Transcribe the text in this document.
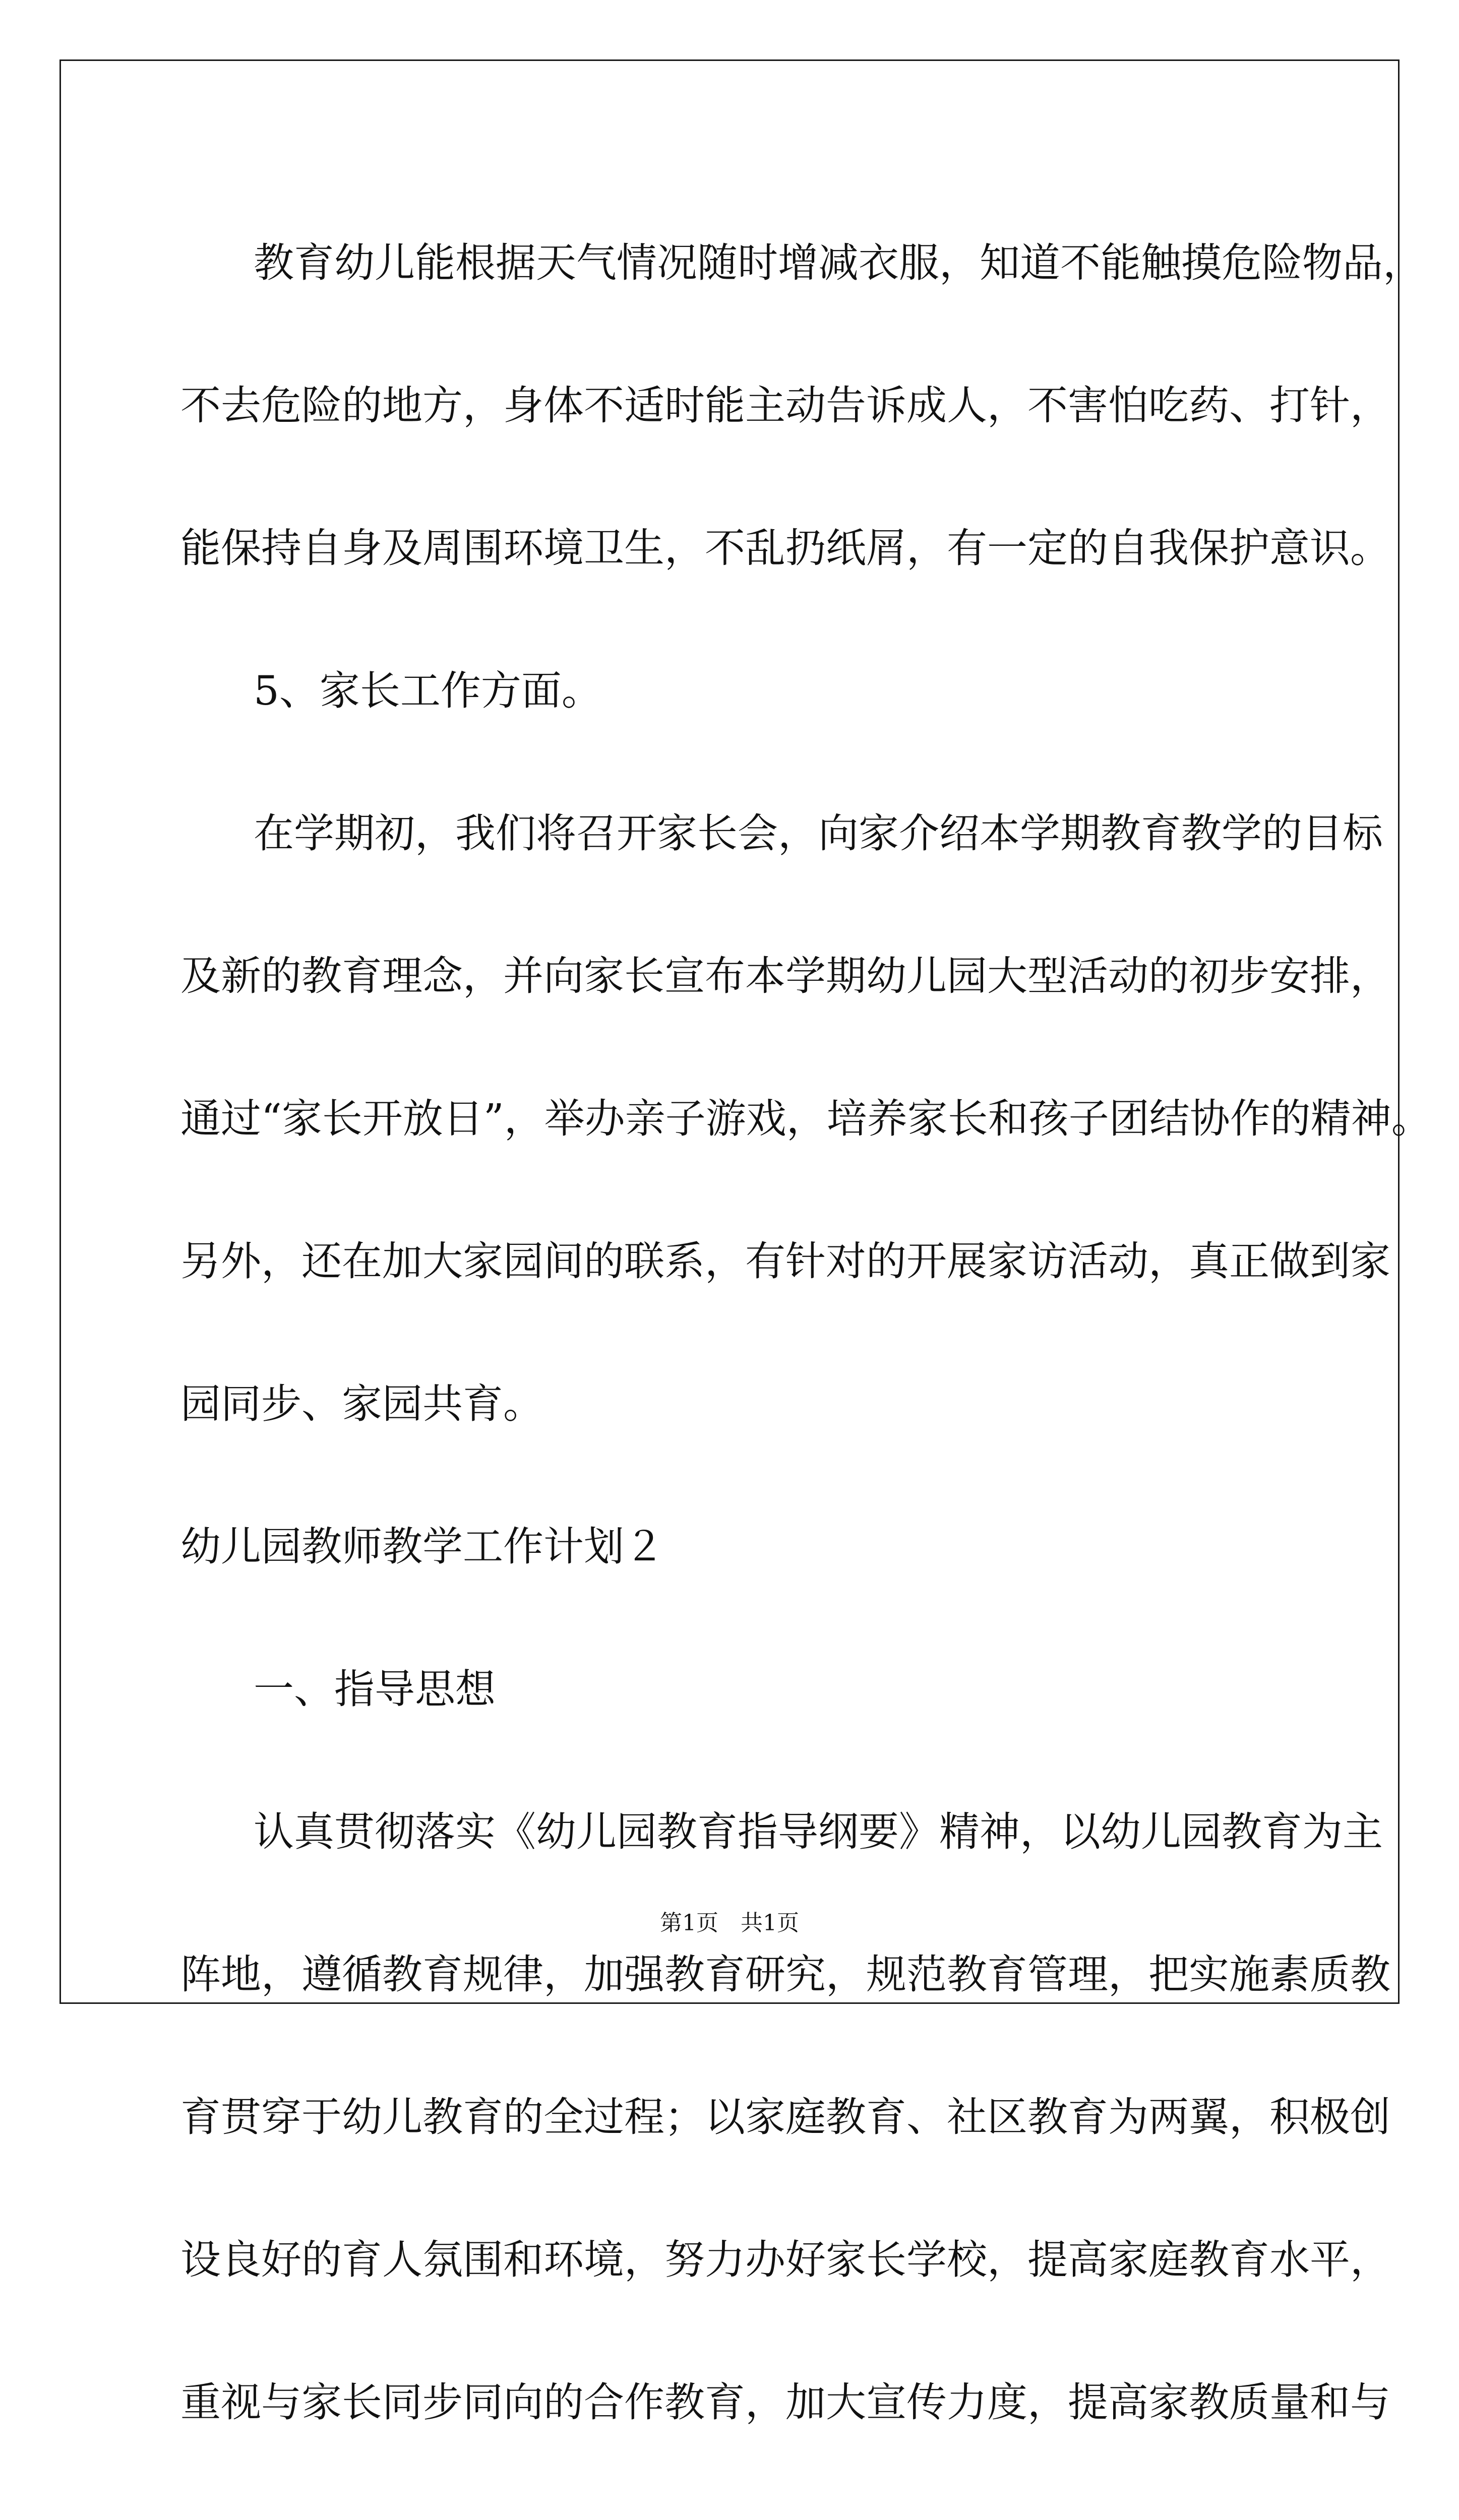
教育幼儿能根据天气情况随时增减衣服，知道不能触摸危险物品，
不去危险的地方，身体不适时能主动告诉成人，不害怕吃药、打针，
能保持自身及周围环境卫生，不乱扔纸屑，有一定的自我保护意识。
5、家长工作方面。
在学期初，我们将召开家长会，向家介绍本学期教育教学的目标
及新的教育理念，并向家长宣布本学期幼儿园大型活动的初步安排，
通过“家长开放日”，举办亲子游戏，培养家长和孩子团结协作的精神。
另外，还在加大家园间的联系，有针对的开展家访活动，真正做到家
园同步、家园共育。
幼儿园教师教学工作计划２
一、指导思想
认真贯彻落实《幼儿园教育指导纲要》精神，以幼儿园教育为主
阵地，遵循教育规律，加强教育研究，规范教育管理，把实施素质教
育贯穿于幼儿教育的全过程；以家庭教育、社区教育为两翼，积极创
设良好的育人氛围和环境，努力办好家长学校，提高家庭教育水平，
重视与家长同步同向的合作教育，加大宣传力度，提高家教质量和与
第1页　共1页
